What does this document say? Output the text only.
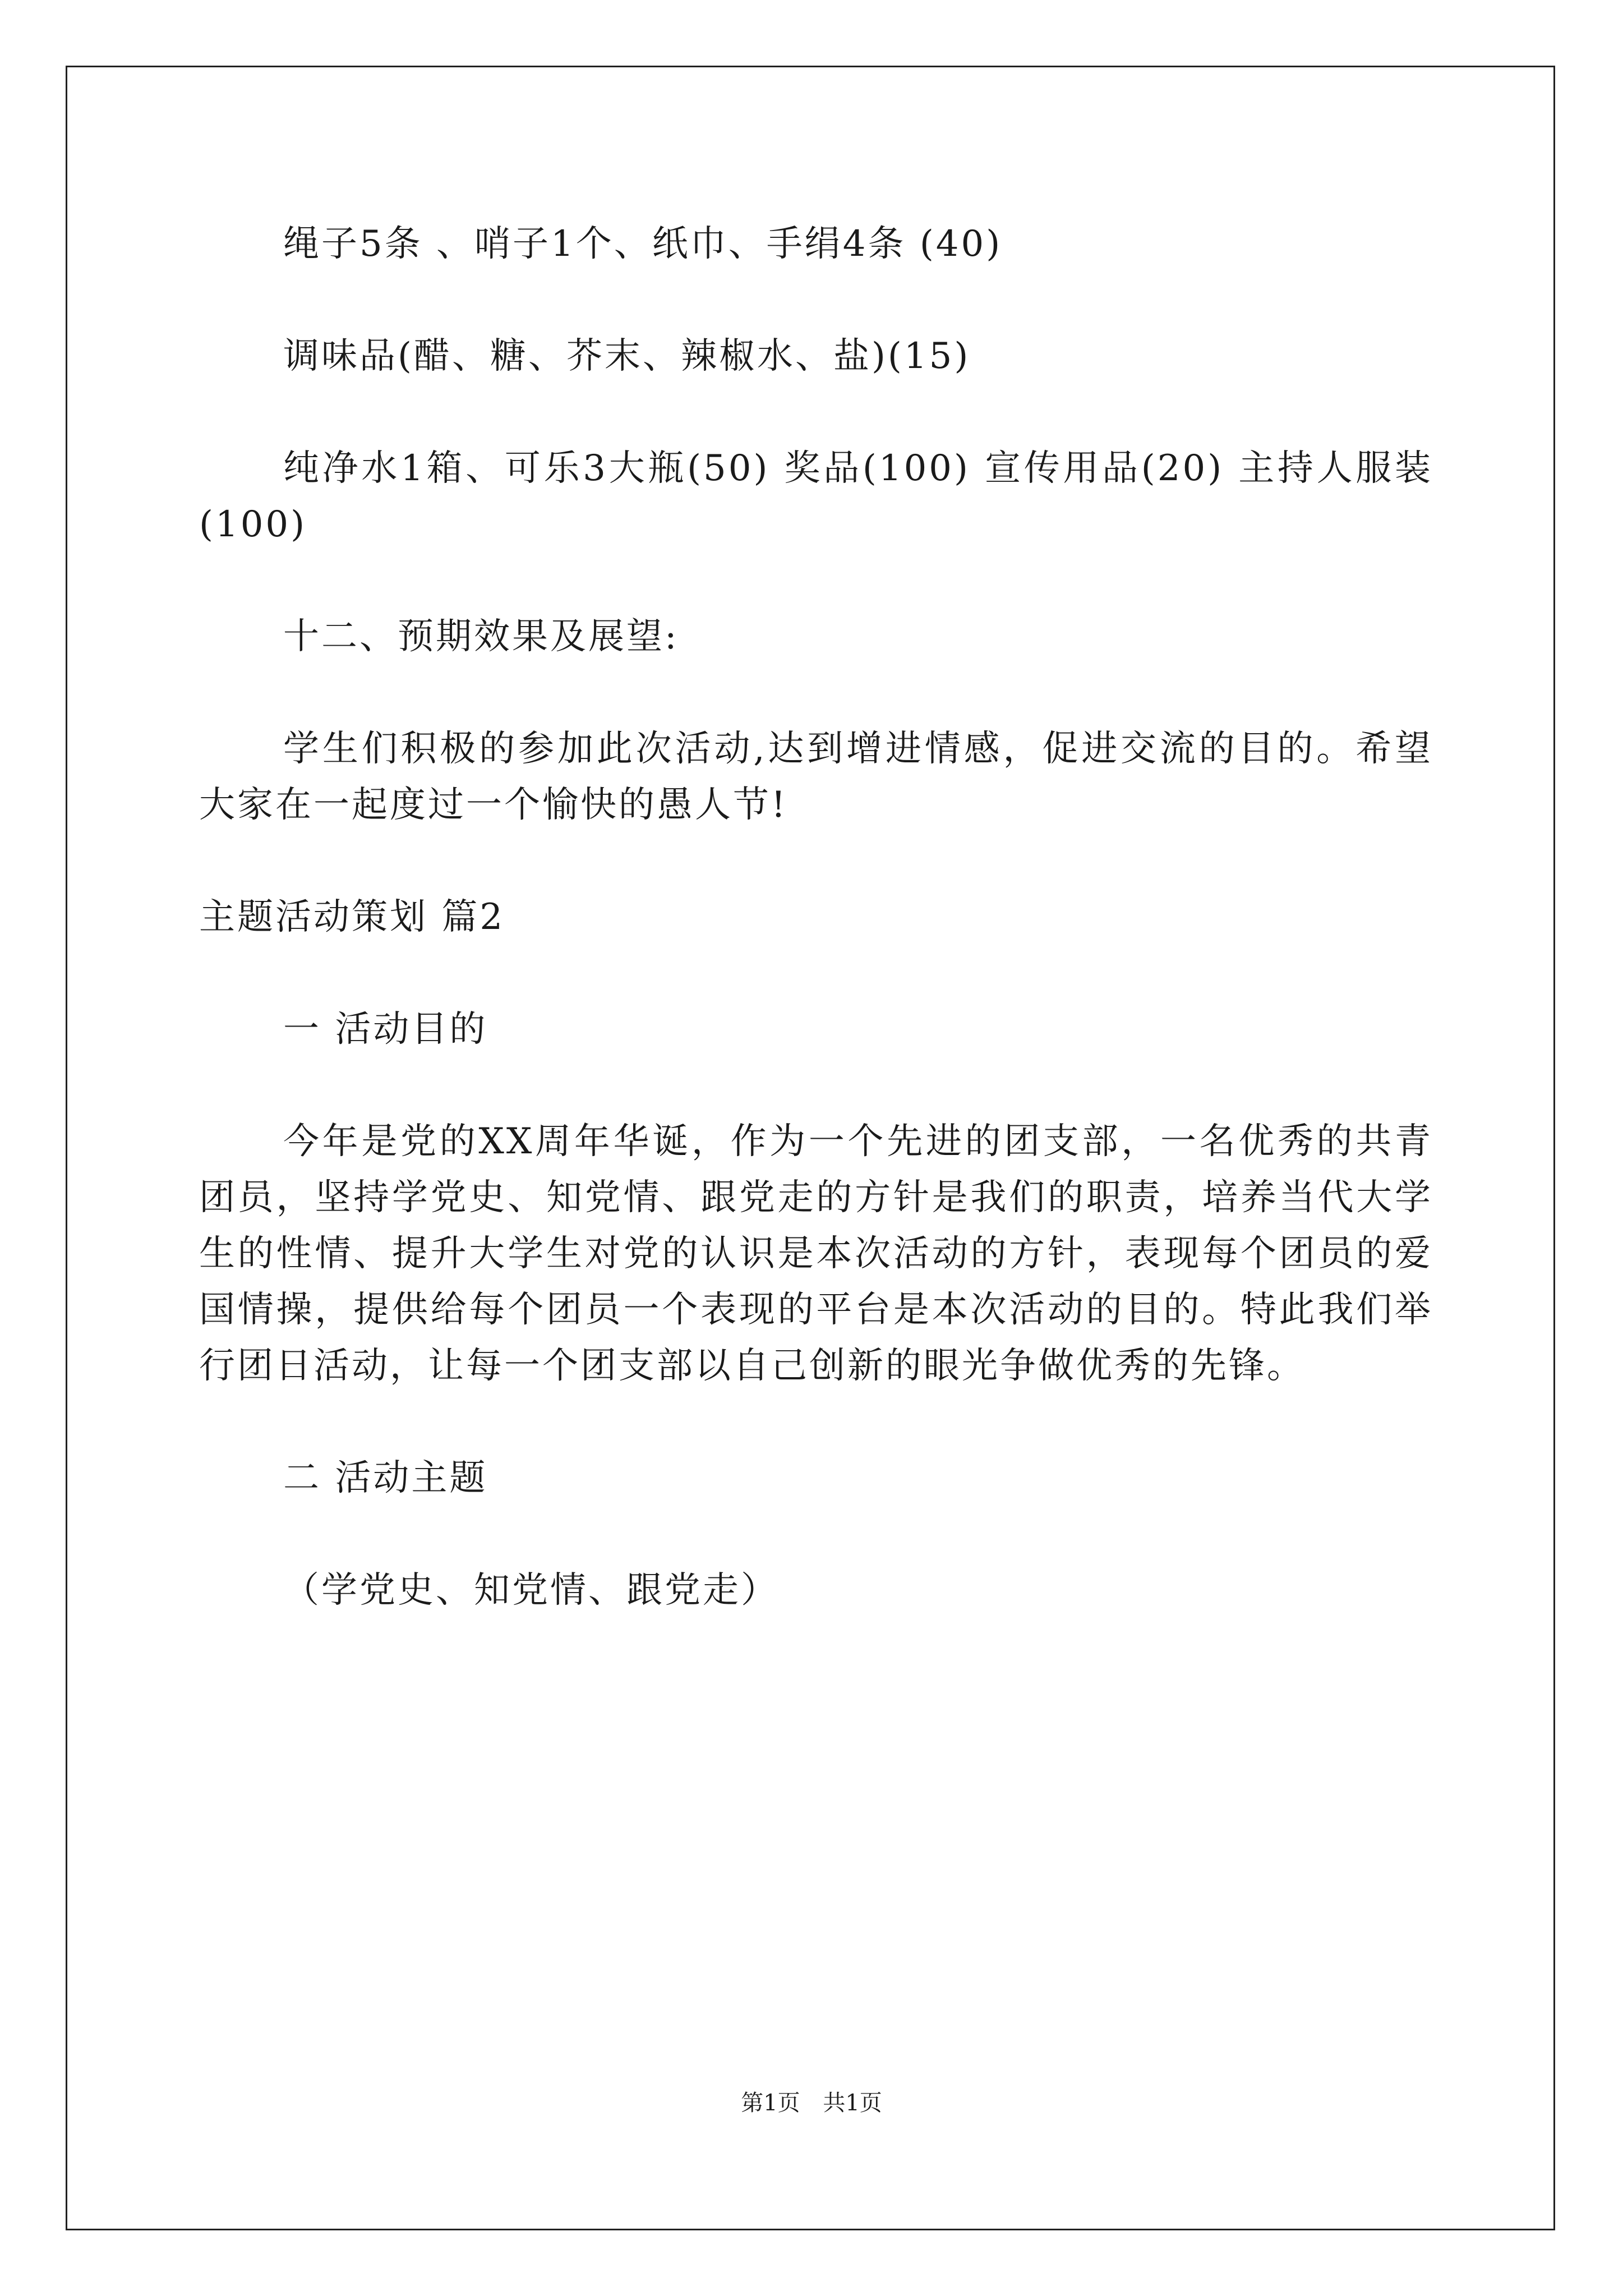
绳子5条 、哨子1个、纸巾、手绢4条 (40)

调味品(醋、糖、芥末、辣椒水、盐)(15)

纯净水1箱、可乐3大瓶(50) 奖品(100) 宣传用品(20) 主持人服装(100)

十二、预期效果及展望:

学生们积极的参加此次活动,达到增进情感，促进交流的目的。希望大家在一起度过一个愉快的愚人节!

主题活动策划 篇2

一 活动目的

今年是党的XX周年华诞，作为一个先进的团支部，一名优秀的共青团员，坚持学党史、知党情、跟党走的方针是我们的职责，培养当代大学生的性情、提升大学生对党的认识是本次活动的方针，表现每个团员的爱国情操，提供给每个团员一个表现的平台是本次活动的目的。特此我们举行团日活动，让每一个团支部以自己创新的眼光争做优秀的先锋。

二 活动主题

（学党史、知党情、跟党走）

第1页 共1页
